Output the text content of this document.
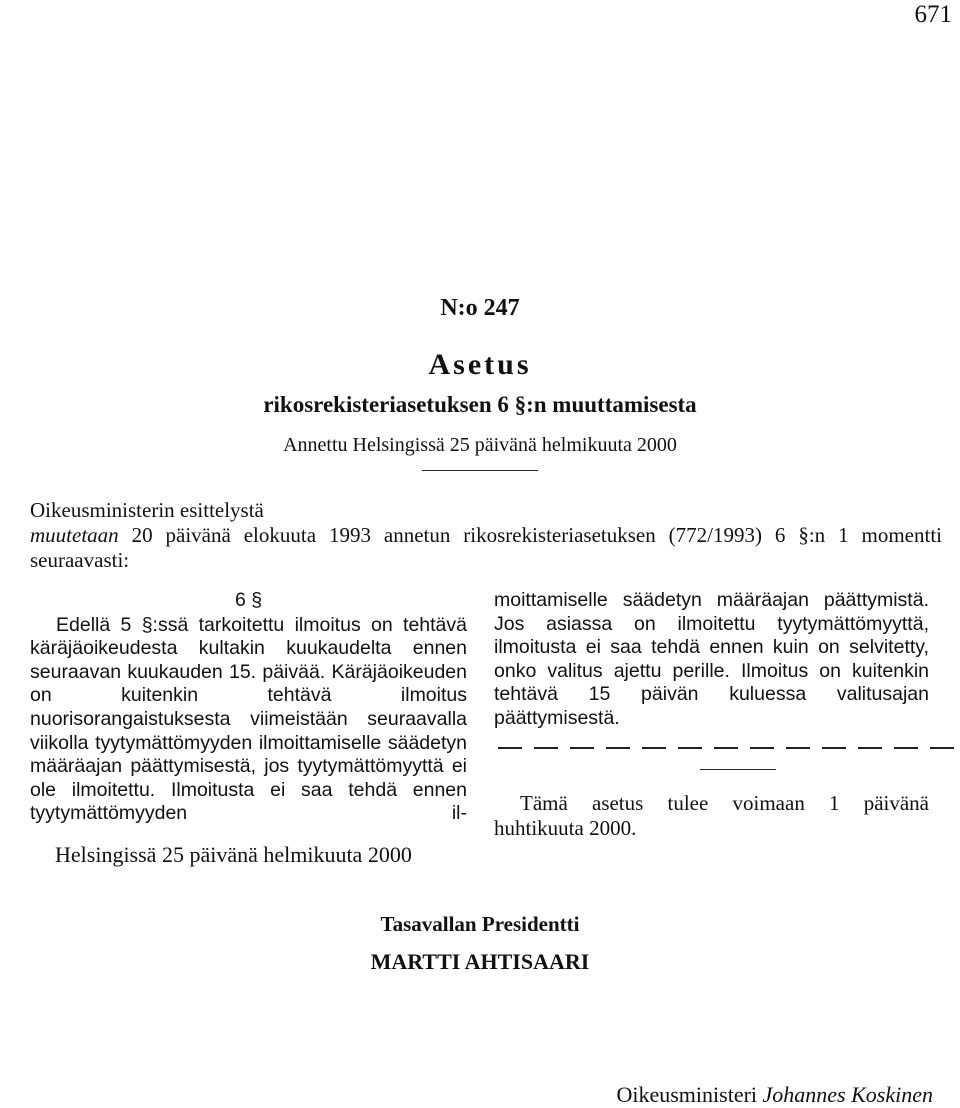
671
N:o 247
Asetus
rikosrekisteriasetuksen 6 §:n muuttamisesta
Annettu Helsingissä 25 päivänä helmikuuta 2000

Oikeusministerin esittelystä

muutetaan 20 päivänä elokuuta 1993 annetun rikosrekisteriasetuksen (772/1993) 6 §:n 1 momentti seuraavasti:

6 §

Edellä 5 §:ssä tarkoitettu ilmoitus on tehtävä käräjäoikeudesta kultakin kuukaudelta ennen seuraavan kuukauden 15. päivää. Käräjäoikeuden on kuitenkin tehtävä ilmoitus nuorisorangaistuksesta viimeistään seuraavalla viikolla tyytymättömyyden ilmoittamiselle säädetyn määräajan päättymisestä, jos tyytymättömyyttä ei ole ilmoitettu. Ilmoitusta ei saa tehdä ennen tyytymättömyyden il-

moittamiselle säädetyn määräajan päättymistä. Jos asiassa on ilmoitettu tyytymättömyyttä, ilmoitusta ei saa tehdä ennen kuin on selvitetty, onko valitus ajettu perille. Ilmoitus on kuitenkin tehtävä 15 päivän kuluessa valitusajan päättymisestä.

Tämä asetus tulee voimaan 1 päivänä huhtikuuta 2000.

Helsingissä 25 päivänä helmikuuta 2000
Tasavallan Presidentti
MARTTI AHTISAARI
Oikeusministeri Johannes Koskinen
